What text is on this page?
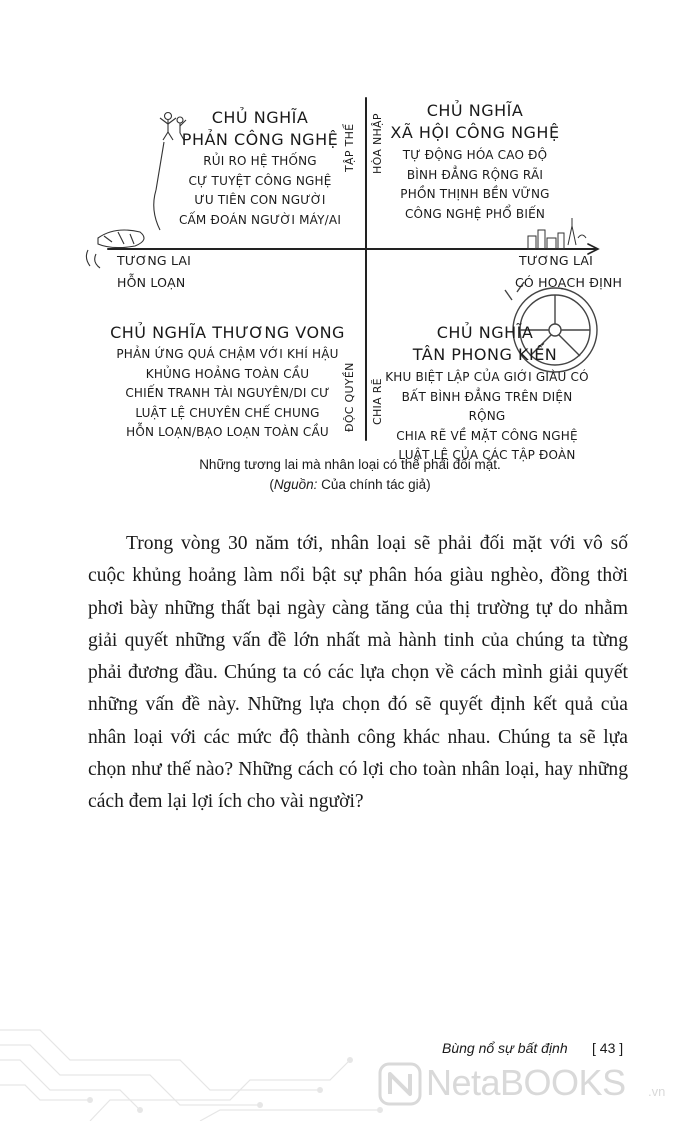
CHỦ NGHĨA
PHẢN CÔNG NGHỆ
RỦI RO HỆ THỐNG
CỰ TUYỆT CÔNG NGHỆ
ƯU TIÊN CON NGƯỜI
CẤM ĐOÁN NGƯỜI MÁY/AI
CHỦ NGHĨA
XÃ HỘI CÔNG NGHỆ
TỰ ĐỘNG HÓA CAO ĐỘ
BÌNH ĐẲNG RỘNG RÃI
PHỒN THỊNH BỀN VỮNG
CÔNG NGHỆ PHỔ BIẾN
TẬP THỂ HÒA NHẬP
ĐỘC QUYỀN CHIA RẼ
TƯƠNG LAI
HỖN LOẠN
TƯƠNG LAI
CÓ HOẠCH ĐỊNH
CHỦ NGHĨA THƯƠNG VONG
PHẢN ỨNG QUÁ CHẬM VỚI KHÍ HẬU
KHỦNG HOẢNG TOÀN CẦU
CHIẾN TRANH TÀI NGUYÊN/DI CƯ
LUẬT LỆ CHUYÊN CHẾ CHUNG
HỖN LOẠN/BẠO LOẠN TOÀN CẦU
CHỦ NGHĨA
TÂN PHONG KIẾN
KHU BIỆT LẬP CỦA GIỚI GIÀU CÓ
BẤT BÌNH ĐẲNG TRÊN DIỆN RỘNG
CHIA RẼ VỀ MẶT CÔNG NGHỆ
LUẬT LỆ CỦA CÁC TẬP ĐOÀN
Những tương lai mà nhân loại có thể phải đối mặt.
(Nguồn: Của chính tác giả)
Trong vòng 30 năm tới, nhân loại sẽ phải đối mặt với vô số cuộc khủng hoảng làm nổi bật sự phân hóa giàu nghèo, đồng thời phơi bày những thất bại ngày càng tăng của thị trường tự do nhằm giải quyết những vấn đề lớn nhất mà hành tinh của chúng ta từng phải đương đầu. Chúng ta có các lựa chọn về cách mình giải quyết những vấn đề này. Những lựa chọn đó sẽ quyết định kết quả của nhân loại với các mức độ thành công khác nhau. Chúng ta sẽ lựa chọn như thế nào? Những cách có lợi cho toàn nhân loại, hay những cách đem lại lợi ích cho vài người?
Bùng nổ sự bất định [ 43 ]
NetaBOOKS .vn
